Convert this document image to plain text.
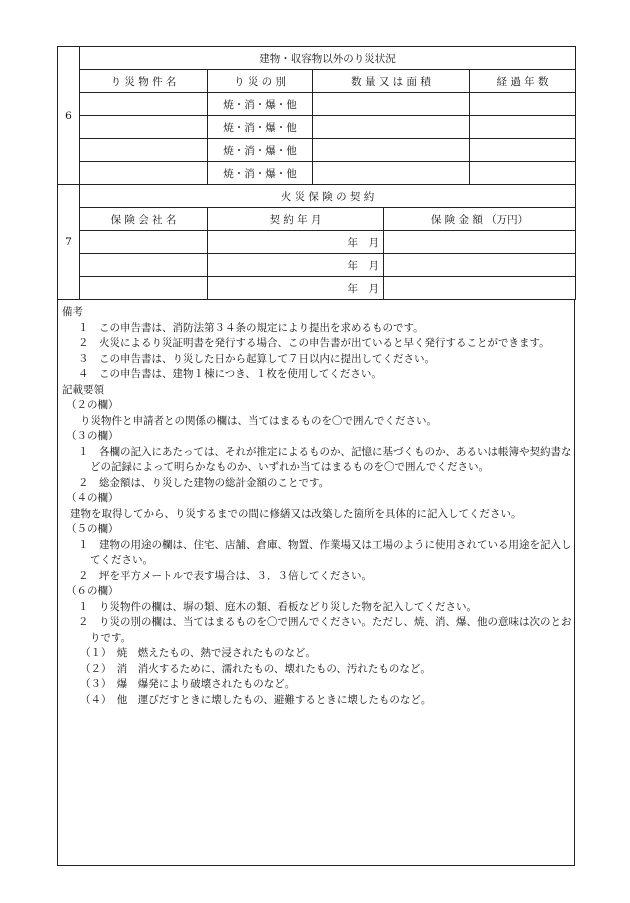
6	建物・収容物以外のり災状況				
	り 災 物 件 名	り 災 の 別	数 量 又 は 面 積		経 過 年 数
		焼・消・爆・他			
		焼・消・爆・他			
		焼・消・爆・他			
		焼・消・爆・他			
7	火 災 保 険 の 契 約				
	保 険 会 社 名	契 約 年 月		保 険 金 額 （万円）	
		年　月			
		年　月			
		年　月			

備考

１　この申告書は、消防法第３４条の規定により提出を求めるものです。

２　火災によるり災証明書を発行する場合、この申告書が出ていると早く発行することができます。

３　この申告書は、り災した日から起算して７日以内に提出してください。

４　この申告書は、建物１棟につき、１枚を使用してください。

記載要領

（２の欄）

り災物件と申請者との関係の欄は、当てはまるものを〇で囲んでください。

（３の欄）

１　各欄の記入にあたっては、それが推定によるものか、記憶に基づくものか、あるいは帳簿や契約書などの記録によって明らかなものか、いずれか当てはまるものを〇で囲んでください。

２　総金額は、り災した建物の総計金額のことです。

（４の欄）

建物を取得してから、り災するまでの間に修繕又は改築した箇所を具体的に記入してください。

（５の欄）

１　建物の用途の欄は、住宅、店舗、倉庫、物置、作業場又は工場のように使用されている用途を記入してください。

２　坪を平方メートルで表す場合は、３．３倍してください。

（６の欄）

１　り災物件の欄は、塀の類、庭木の類、看板などり災した物を記入してください。

２　り災の別の欄は、当てはまるものを〇で囲んでください。ただし、焼、消、爆、他の意味は次のとおりです。

（１）　焼　燃えたもの、熱で浸されたものなど。

（２）　消　消火するために、濡れたもの、壊れたもの、汚れたものなど。

（３）　爆　爆発により破壊されたものなど。

（４）　他　運びだすときに壊したもの、避難するときに壊したものなど。
